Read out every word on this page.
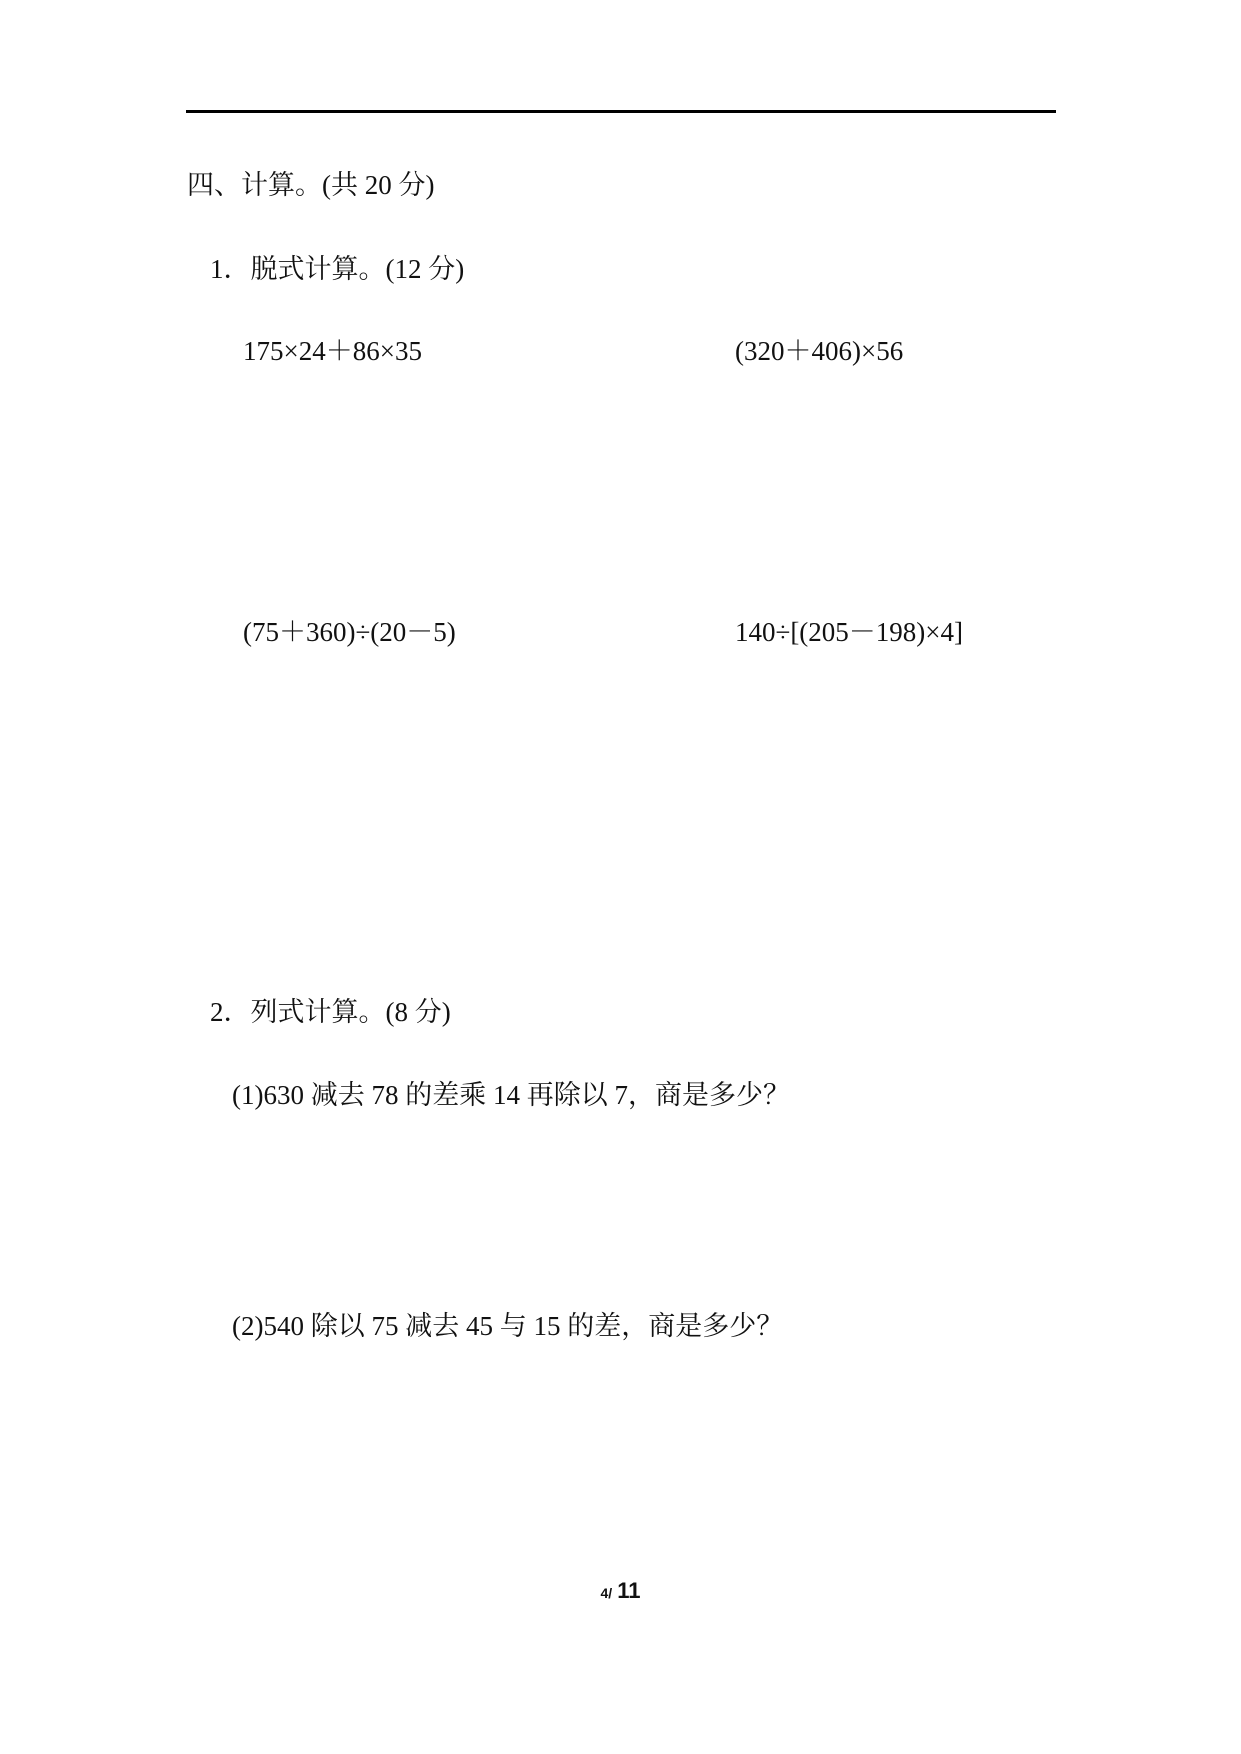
四、计算。(共 20 分)
1．脱式计算。(12 分)
175×24＋86×35	(320＋406)×56
(75＋360)÷(20－5)	140÷[(205－198)×4]
2．列式计算。(8 分)
(1)630 减去 78 的差乘 14 再除以 7，商是多少？
(2)540 除以 75 减去 45 与 15 的差，商是多少？
4/ 11
